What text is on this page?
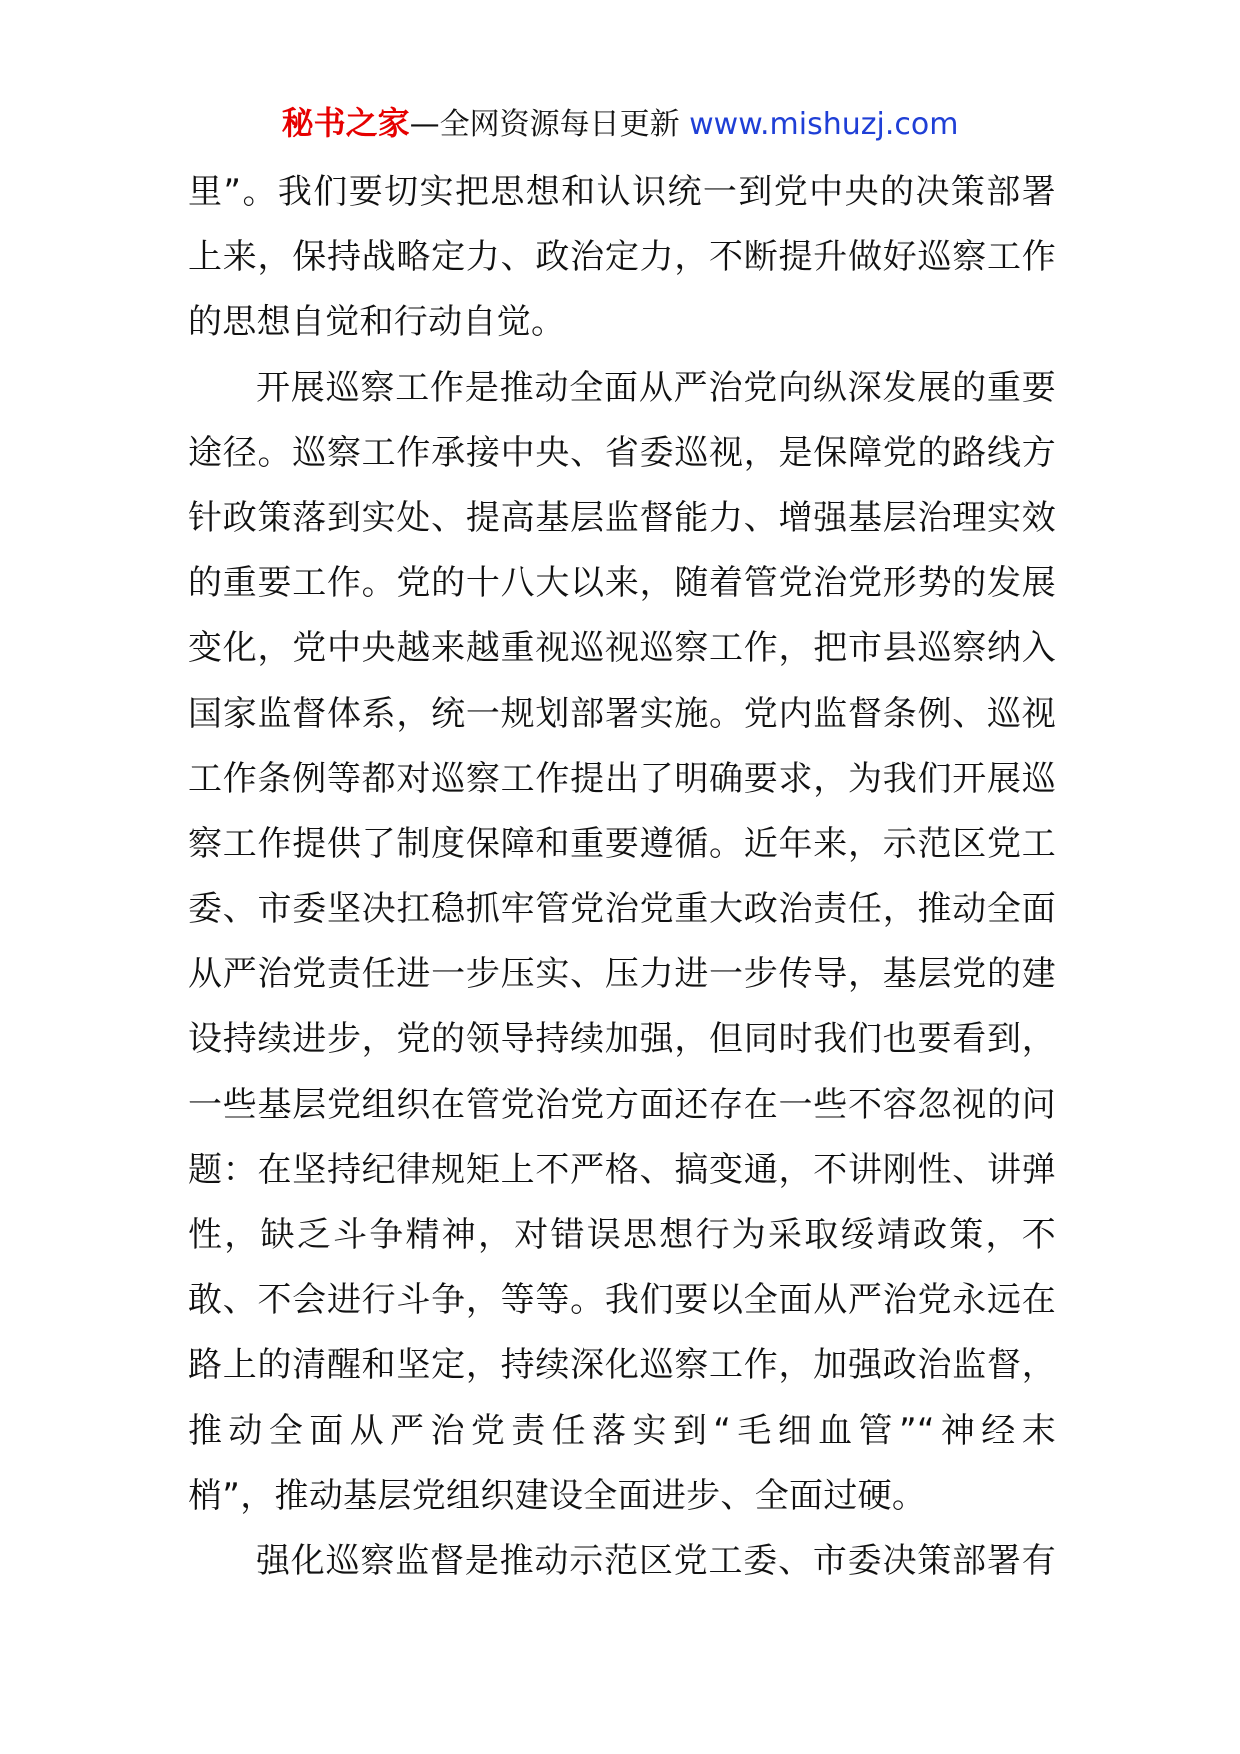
秘书之家—全网资源每日更新 www.mishuzj.com
里”。我们要切实把思想和认识统一到党中央的决策部署
上来，保持战略定力、政治定力，不断提升做好巡察工作
的思想自觉和行动自觉。
开展巡察工作是推动全面从严治党向纵深发展的重要
途径。巡察工作承接中央、省委巡视，是保障党的路线方
针政策落到实处、提高基层监督能力、增强基层治理实效
的重要工作。党的十八大以来，随着管党治党形势的发展
变化，党中央越来越重视巡视巡察工作，把市县巡察纳入
国家监督体系，统一规划部署实施。党内监督条例、巡视
工作条例等都对巡察工作提出了明确要求，为我们开展巡
察工作提供了制度保障和重要遵循。近年来，示范区党工
委、市委坚决扛稳抓牢管党治党重大政治责任，推动全面
从严治党责任进一步压实、压力进一步传导，基层党的建
设持续进步，党的领导持续加强，但同时我们也要看到，
一些基层党组织在管党治党方面还存在一些不容忽视的问
题：在坚持纪律规矩上不严格、搞变通，不讲刚性、讲弹
性，缺乏斗争精神，对错误思想行为采取绥靖政策，不
敢、不会进行斗争，等等。我们要以全面从严治党永远在
路上的清醒和坚定，持续深化巡察工作，加强政治监督，
推动全面从严治党责任落实到“毛细血管”“神经末
梢”，推动基层党组织建设全面进步、全面过硬。
强化巡察监督是推动示范区党工委、市委决策部署有
